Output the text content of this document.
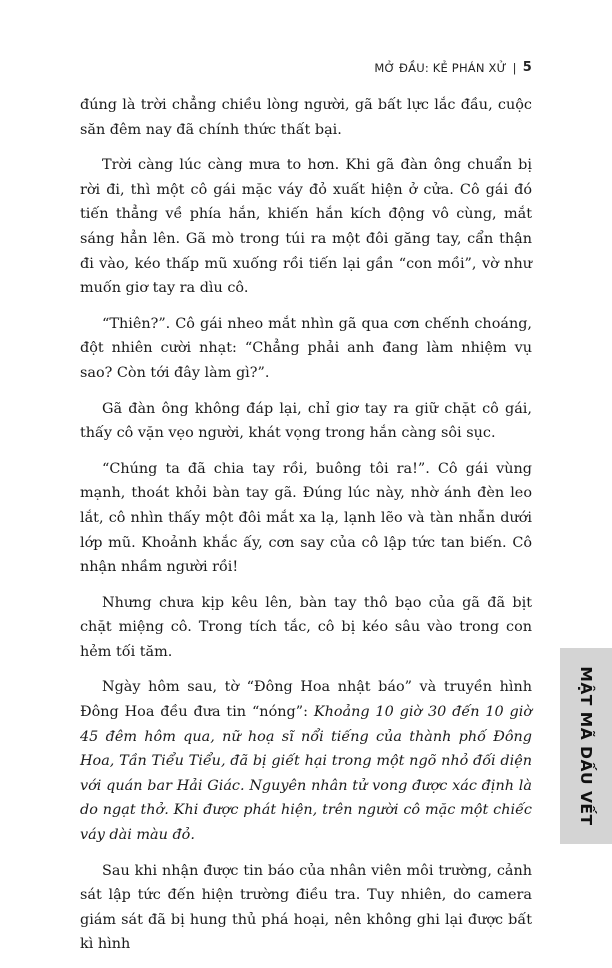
MỞ ĐẦU: KẺ PHÁN XỬ | 5

đúng là trời chẳng chiều lòng người, gã bất lực lắc đầu, cuộc săn đêm nay đã chính thức thất bại.

Trời càng lúc càng mưa to hơn. Khi gã đàn ông chuẩn bị rời đi, thì một cô gái mặc váy đỏ xuất hiện ở cửa. Cô gái đó tiến thẳng về phía hắn, khiến hắn kích động vô cùng, mắt sáng hẳn lên. Gã mò trong túi ra một đôi găng tay, cẩn thận đi vào, kéo thấp mũ xuống rồi tiến lại gần “con mồi”, vờ như muốn giơ tay ra dìu cô.

“Thiên?”. Cô gái nheo mắt nhìn gã qua cơn chếnh choáng, đột nhiên cười nhạt: “Chẳng phải anh đang làm nhiệm vụ sao? Còn tới đây làm gì?”.

Gã đàn ông không đáp lại, chỉ giơ tay ra giữ chặt cô gái, thấy cô vặn vẹo người, khát vọng trong hắn càng sôi sục.

“Chúng ta đã chia tay rồi, buông tôi ra!”. Cô gái vùng mạnh, thoát khỏi bàn tay gã. Đúng lúc này, nhờ ánh đèn leo lắt, cô nhìn thấy một đôi mắt xa lạ, lạnh lẽo và tàn nhẫn dưới lớp mũ. Khoảnh khắc ấy, cơn say của cô lập tức tan biến. Cô nhận nhầm người rồi!

Nhưng chưa kịp kêu lên, bàn tay thô bạo của gã đã bịt chặt miệng cô. Trong tích tắc, cô bị kéo sâu vào trong con hẻm tối tăm.

Ngày hôm sau, tờ “Đông Hoa nhật báo” và truyền hình Đông Hoa đều đưa tin “nóng”: Khoảng 10 giờ 30 đến 10 giờ 45 đêm hôm qua, nữ hoạ sĩ nổi tiếng của thành phố Đông Hoa, Tần Tiểu Tiểu, đã bị giết hại trong một ngõ nhỏ đối diện với quán bar Hải Giác. Nguyên nhân tử vong được xác định là do ngạt thở. Khi được phát hiện, trên người cô mặc một chiếc váy dài màu đỏ.

Sau khi nhận được tin báo của nhân viên môi trường, cảnh sát lập tức đến hiện trường điều tra. Tuy nhiên, do camera giám sát đã bị hung thủ phá hoại, nên không ghi lại được bất kì hình

MẬT MÃ DẤU VẾT
